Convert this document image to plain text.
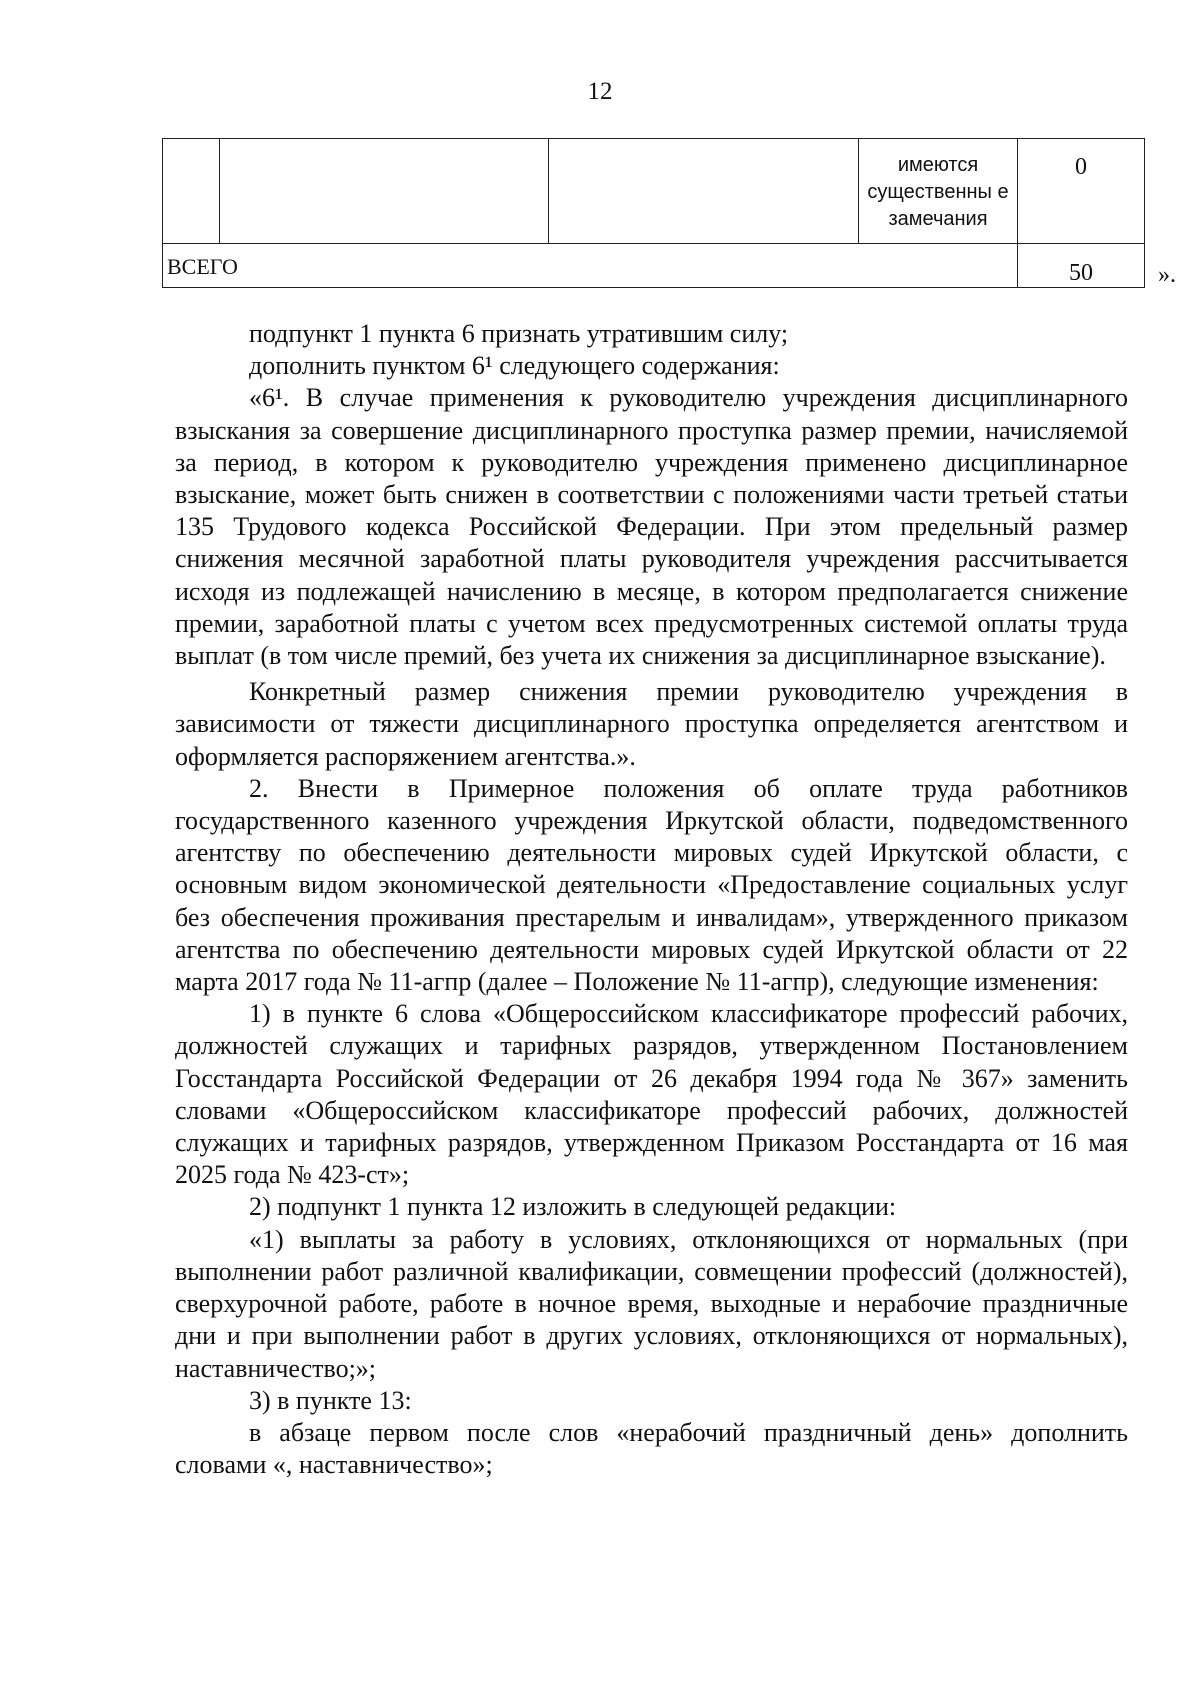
12
			имеются существенны е замечания	0
ВСЕГО				50	».

подпункт 1 пункта 6 признать утратившим силу;

дополнить пунктом 6¹ следующего содержания:

«6¹. В случае применения к руководителю учреждения дисциплинарного взыскания за совершение дисциплинарного проступка размер премии, начисляемой за период, в котором к руководителю учреждения применено дисциплинарное взыскание, может быть снижен в соответствии с положениями части третьей статьи 135 Трудового кодекса Российской Федерации. При этом предельный размер снижения месячной заработной платы руководителя учреждения рассчитывается исходя из подлежащей начислению в месяце, в котором предполагается снижение премии, заработной платы с учетом всех предусмотренных системой оплаты труда выплат (в том числе премий, без учета их снижения за дисциплинарное взыскание).

Конкретный размер снижения премии руководителю учреждения в зависимости от тяжести дисциплинарного проступка определяется агентством и оформляется распоряжением агентства.».

2. Внести в Примерное положения об оплате труда работников государственного казенного учреждения Иркутской области, подведомственного агентству по обеспечению деятельности мировых судей Иркутской области, с основным видом экономической деятельности «Предоставление социальных услуг без обеспечения проживания престарелым и инвалидам», утвержденного приказом агентства по обеспечению деятельности мировых судей Иркутской области от 22 марта 2017 года № 11-агпр (далее – Положение № 11-агпр), следующие изменения:

1) в пункте 6 слова «Общероссийском классификаторе профессий рабочих, должностей служащих и тарифных разрядов, утвержденном Постановлением Госстандарта Российской Федерации от 26 декабря 1994 года № 367» заменить словами «Общероссийском классификаторе профессий рабочих, должностей служащих и тарифных разрядов, утвержденном Приказом Росстандарта от 16 мая 2025 года № 423-ст»;

2) подпункт 1 пункта 12 изложить в следующей редакции:

«1) выплаты за работу в условиях, отклоняющихся от нормальных (при выполнении работ различной квалификации, совмещении профессий (должностей), сверхурочной работе, работе в ночное время, выходные и нерабочие праздничные дни и при выполнении работ в других условиях, отклоняющихся от нормальных), наставничество;»;

3) в пункте 13:

в абзаце первом после слов «нерабочий праздничный день» дополнить словами «, наставничество»;
